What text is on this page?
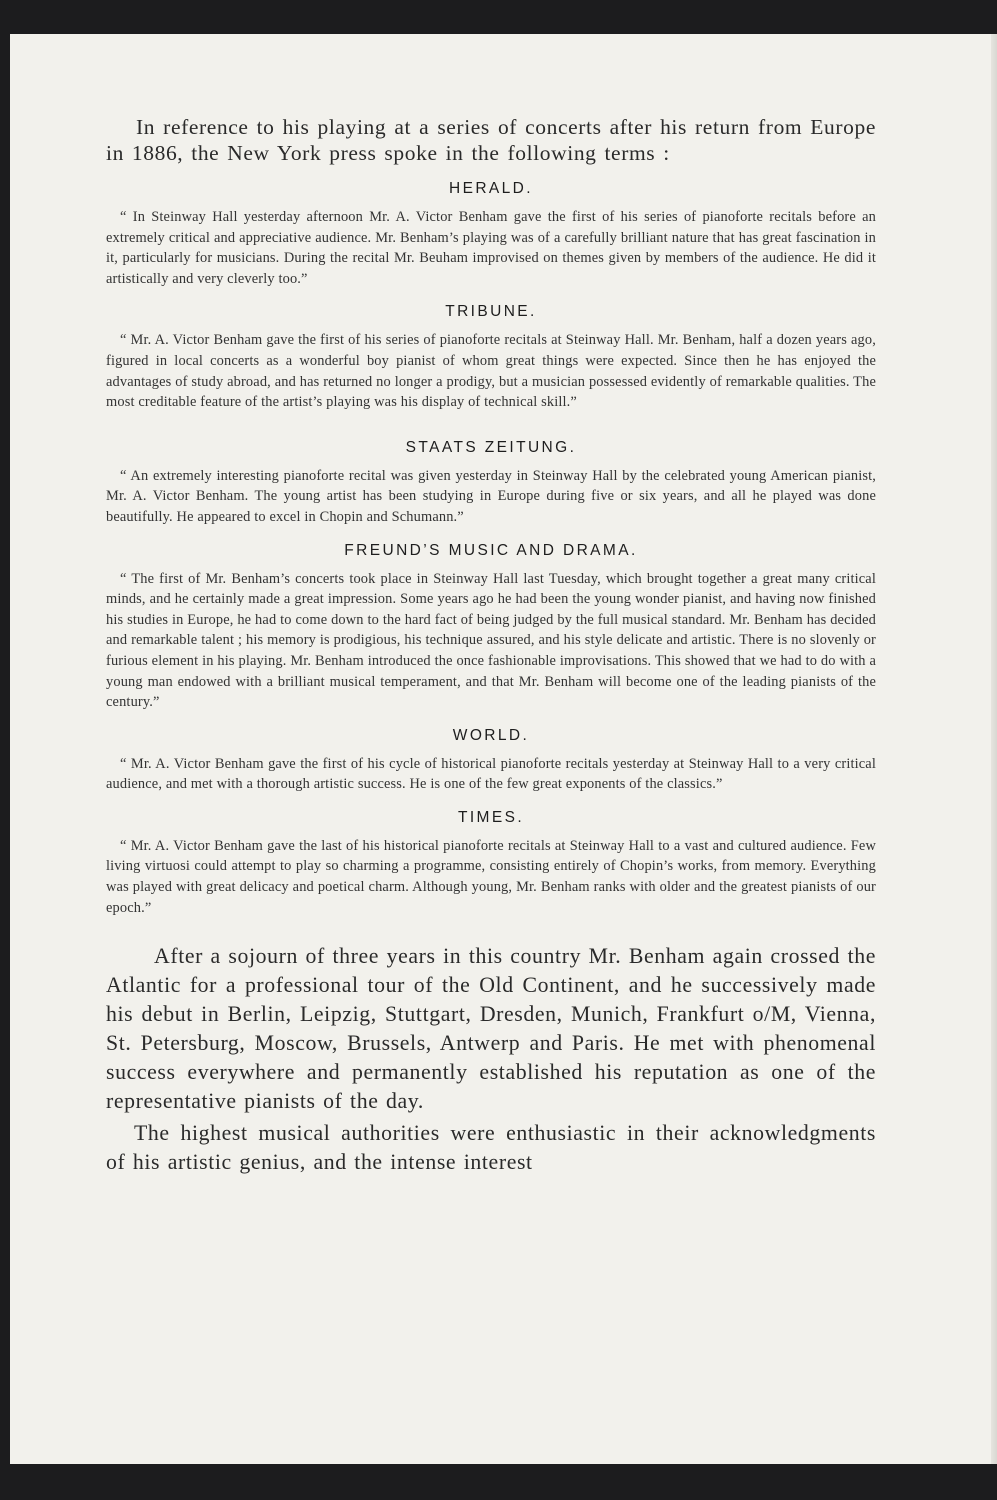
In reference to his playing at a series of concerts after his return from Europe in 1886, the New York press spoke in the following terms :

HERALD.

“ In Steinway Hall yesterday afternoon Mr. A. Victor Benham gave the first of his series of pianoforte recitals before an extremely critical and appreciative audience. Mr. Benham’s playing was of a carefully brilliant nature that has great fascination in it, particularly for musicians. During the recital Mr. Beuham improvised on themes given by members of the audience. He did it artistically and very cleverly too.”

TRIBUNE.

“ Mr. A. Victor Benham gave the first of his series of pianoforte recitals at Steinway Hall. Mr. Benham, half a dozen years ago, figured in local concerts as a wonderful boy pianist of whom great things were expected. Since then he has enjoyed the advantages of study abroad, and has returned no longer a prodigy, but a musician possessed evidently of remarkable qualities. The most creditable feature of the artist’s playing was his display of technical skill.”

STAATS ZEITUNG.

“ An extremely interesting pianoforte recital was given yesterday in Steinway Hall by the celebrated young American pianist, Mr. A. Victor Benham. The young artist has been studying in Europe during five or six years, and all he played was done beautifully. He appeared to excel in Chopin and Schumann.”

FREUND’S MUSIC AND DRAMA.

“ The first of Mr. Benham’s concerts took place in Steinway Hall last Tuesday, which brought together a great many critical minds, and he certainly made a great impression. Some years ago he had been the young wonder pianist, and having now finished his studies in Europe, he had to come down to the hard fact of being judged by the full musical standard. Mr. Benham has decided and remarkable talent ; his memory is prodigious, his technique assured, and his style delicate and artistic. There is no slovenly or furious element in his playing. Mr. Benham introduced the once fashionable improvisations. This showed that we had to do with a young man endowed with a brilliant musical temperament, and that Mr. Benham will become one of the leading pianists of the century.”

WORLD.

“ Mr. A. Victor Benham gave the first of his cycle of historical pianoforte recitals yesterday at Steinway Hall to a very critical audience, and met with a thorough artistic success. He is one of the few great exponents of the classics.”

TIMES.

“ Mr. A. Victor Benham gave the last of his historical pianoforte recitals at Steinway Hall to a vast and cultured audience. Few living virtuosi could attempt to play so charming a programme, consisting entirely of Chopin’s works, from memory. Everything was played with great delicacy and poetical charm. Although young, Mr. Benham ranks with older and the greatest pianists of our epoch.”

After a sojourn of three years in this country Mr. Benham again crossed the Atlantic for a professional tour of the Old Continent, and he successively made his debut in Berlin, Leipzig, Stuttgart, Dresden, Munich, Frankfurt o/M, Vienna, St. Petersburg, Moscow, Brussels, Antwerp and Paris. He met with phenomenal success everywhere and permanently established his reputation as one of the representative pianists of the day.

The highest musical authorities were enthusiastic in their acknowledgments of his artistic genius, and the intense interest
